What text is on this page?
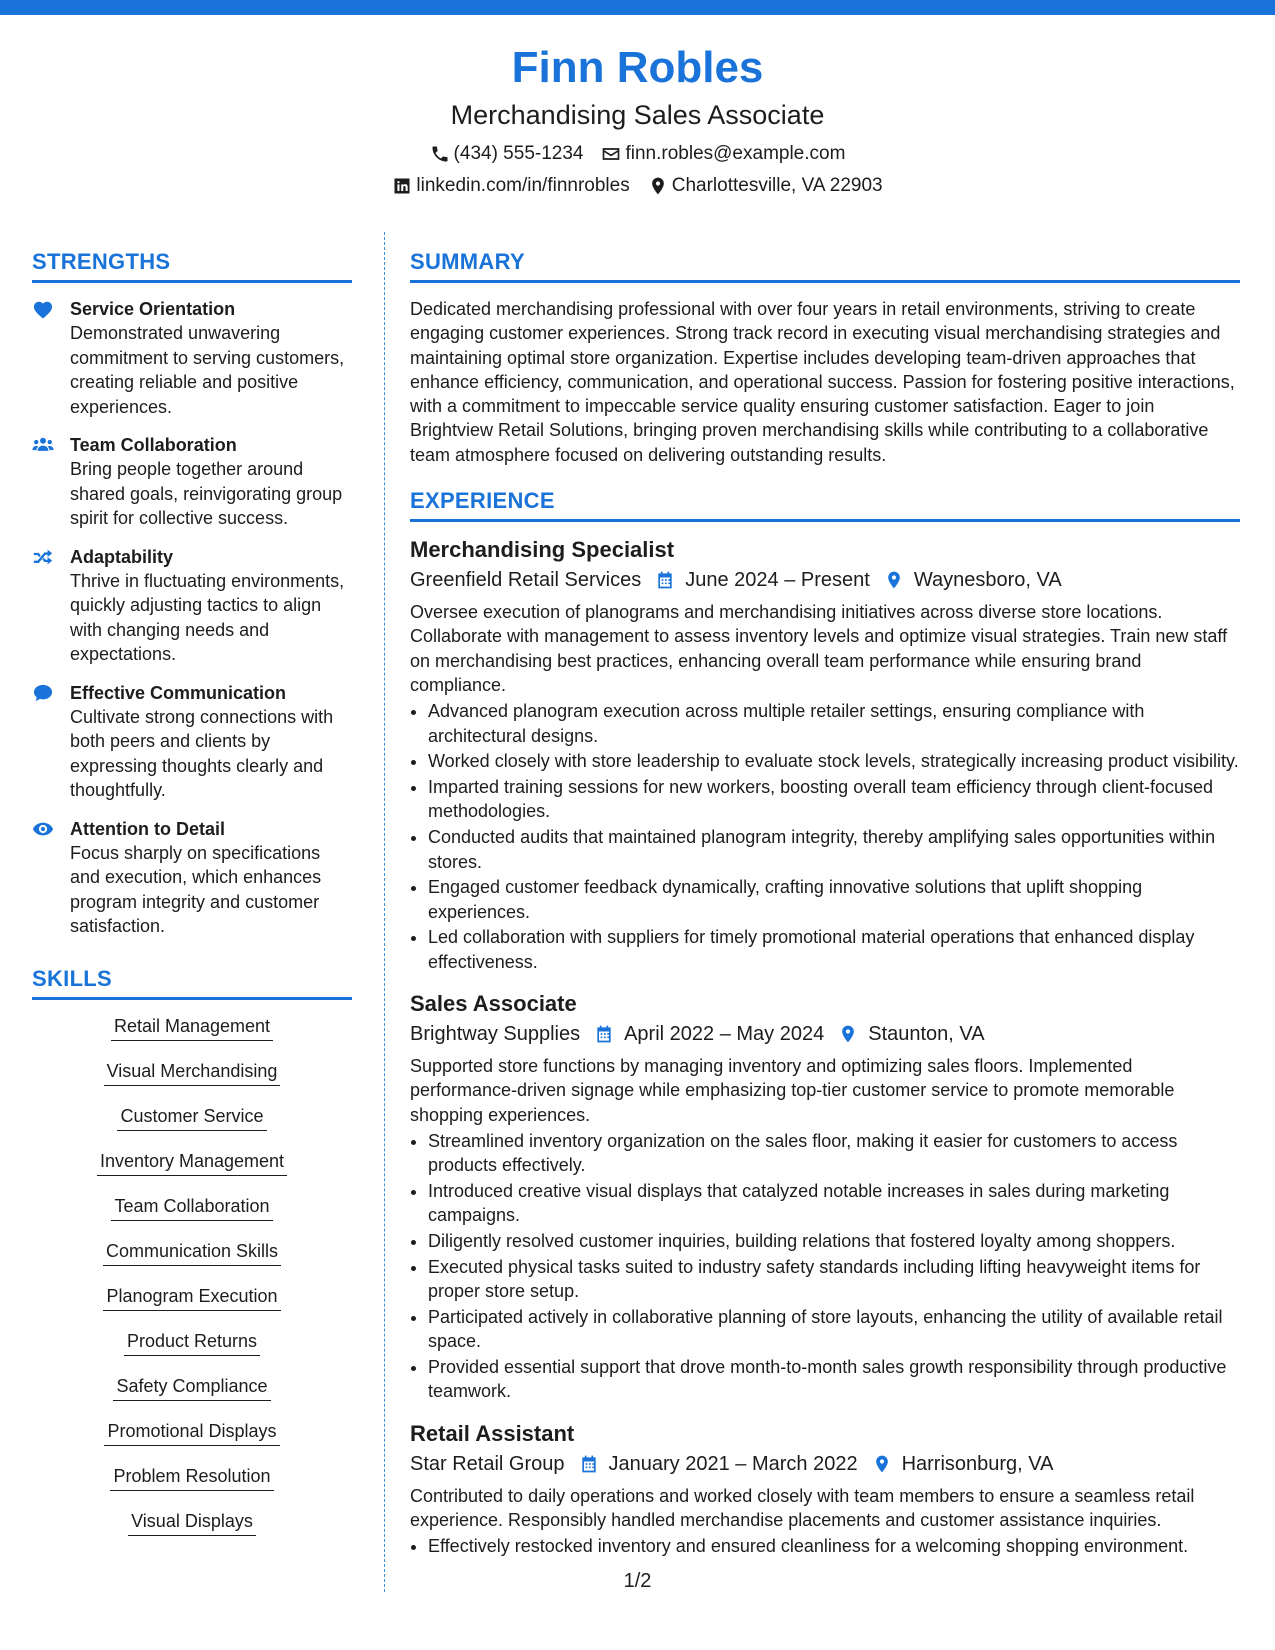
Finn Robles
Merchandising Sales Associate
(434) 555-1234 finn.robles@example.com
linkedin.com/in/finnrobles Charlottesville, VA 22903
STRENGTHS
Service Orientation

Demonstrated unwavering commitment to serving customers, creating reliable and positive experiences.

Team Collaboration

Bring people together around shared goals, reinvigorating group spirit for collective success.

Adaptability

Thrive in fluctuating environments, quickly adjusting tactics to align with changing needs and expectations.

Effective Communication

Cultivate strong connections with both peers and clients by expressing thoughts clearly and thoughtfully.

Attention to Detail

Focus sharply on specifications and execution, which enhances program integrity and customer satisfaction.

SKILLS
Retail Management
Visual Merchandising
Customer Service
Inventory Management
Team Collaboration
Communication Skills
Planogram Execution
Product Returns
Safety Compliance
Promotional Displays
Problem Resolution
Visual Displays
SUMMARY

Dedicated merchandising professional with over four years in retail environments, striving to create engaging customer experiences. Strong track record in executing visual merchandising strategies and maintaining optimal store organization. Expertise includes developing team-driven approaches that enhance efficiency, communication, and operational success. Passion for fostering positive interactions, with a commitment to impeccable service quality ensuring customer satisfaction. Eager to join Brightview Retail Solutions, bringing proven merchandising skills while contributing to a collaborative team atmosphere focused on delivering outstanding results.

EXPERIENCE
Merchandising Specialist
Greenfield Retail Services June 2024 – Present Waynesboro, VA

Oversee execution of planograms and merchandising initiatives across diverse store locations. Collaborate with management to assess inventory levels and optimize visual strategies. Train new staff on merchandising best practices, enhancing overall team performance while ensuring brand compliance.

• Advanced planogram execution across multiple retailer settings, ensuring compliance with architectural designs.
• Worked closely with store leadership to evaluate stock levels, strategically increasing product visibility.
• Imparted training sessions for new workers, boosting overall team efficiency through client-focused methodologies.
• Conducted audits that maintained planogram integrity, thereby amplifying sales opportunities within stores.
• Engaged customer feedback dynamically, crafting innovative solutions that uplift shopping experiences.
• Led collaboration with suppliers for timely promotional material operations that enhanced display effectiveness.
Sales Associate
Brightway Supplies April 2022 – May 2024 Staunton, VA

Supported store functions by managing inventory and optimizing sales floors. Implemented performance-driven signage while emphasizing top-tier customer service to promote memorable shopping experiences.

• Streamlined inventory organization on the sales floor, making it easier for customers to access products effectively.
• Introduced creative visual displays that catalyzed notable increases in sales during marketing campaigns.
• Diligently resolved customer inquiries, building relations that fostered loyalty among shoppers.
• Executed physical tasks suited to industry safety standards including lifting heavyweight items for proper store setup.
• Participated actively in collaborative planning of store layouts, enhancing the utility of available retail space.
• Provided essential support that drove month-to-month sales growth responsibility through productive teamwork.
Retail Assistant
Star Retail Group January 2021 – March 2022 Harrisonburg, VA

Contributed to daily operations and worked closely with team members to ensure a seamless retail experience. Responsibly handled merchandise placements and customer assistance inquiries.

• Effectively restocked inventory and ensured cleanliness for a welcoming shopping environment.
1/2
